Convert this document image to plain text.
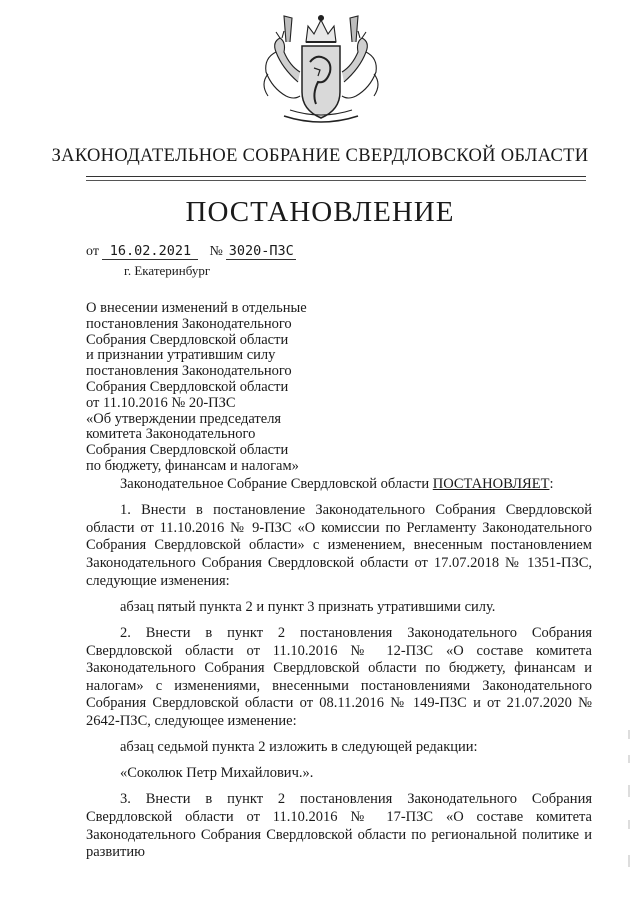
ЗАКОНОДАТЕЛЬНОЕ СОБРАНИЕ СВЕРДЛОВСКОЙ ОБЛАСТИ
ПОСТАНОВЛЕНИЕ
от 16.02.2021 № 3020-ПЗС
г. Екатеринбург
О внесении изменений в отдельные
постановления Законодательного
Собрания Свердловской области
и признании утратившим силу
постановления Законодательного
Собрания Свердловской области
от 11.10.2016 № 20-ПЗС
«Об утверждении председателя
комитета Законодательного
Собрания Свердловской области
по бюджету, финансам и налогам»

Законодательное Собрание Свердловской области ПОСТАНОВЛЯЕТ:

1. Внести в постановление Законодательного Собрания Свердловской области от 11.10.2016 № 9-ПЗС «О комиссии по Регламенту Законодательного Собрания Свердловской области» с изменением, внесенным постановлением Законодательного Собрания Свердловской области от 17.07.2018 № 1351-ПЗС, следующие изменения:

абзац пятый пункта 2 и пункт 3 признать утратившими силу.

2. Внести в пункт 2 постановления Законодательного Собрания Свердловской области от 11.10.2016 № 12-ПЗС «О составе комитета Законодательного Собрания Свердловской области по бюджету, финансам и налогам» с изменениями, внесенными постановлениями Законодательного Собрания Свердловской области от 08.11.2016 № 149-ПЗС и от 21.07.2020 № 2642-ПЗС, следующее изменение:

абзац седьмой пункта 2 изложить в следующей редакции:

«Соколюк Петр Михайлович.».

3. Внести в пункт 2 постановления Законодательного Собрания Свердловской области от 11.10.2016 № 17-ПЗС «О составе комитета Законодательного Собрания Свердловской области по региональной политике и развитию
